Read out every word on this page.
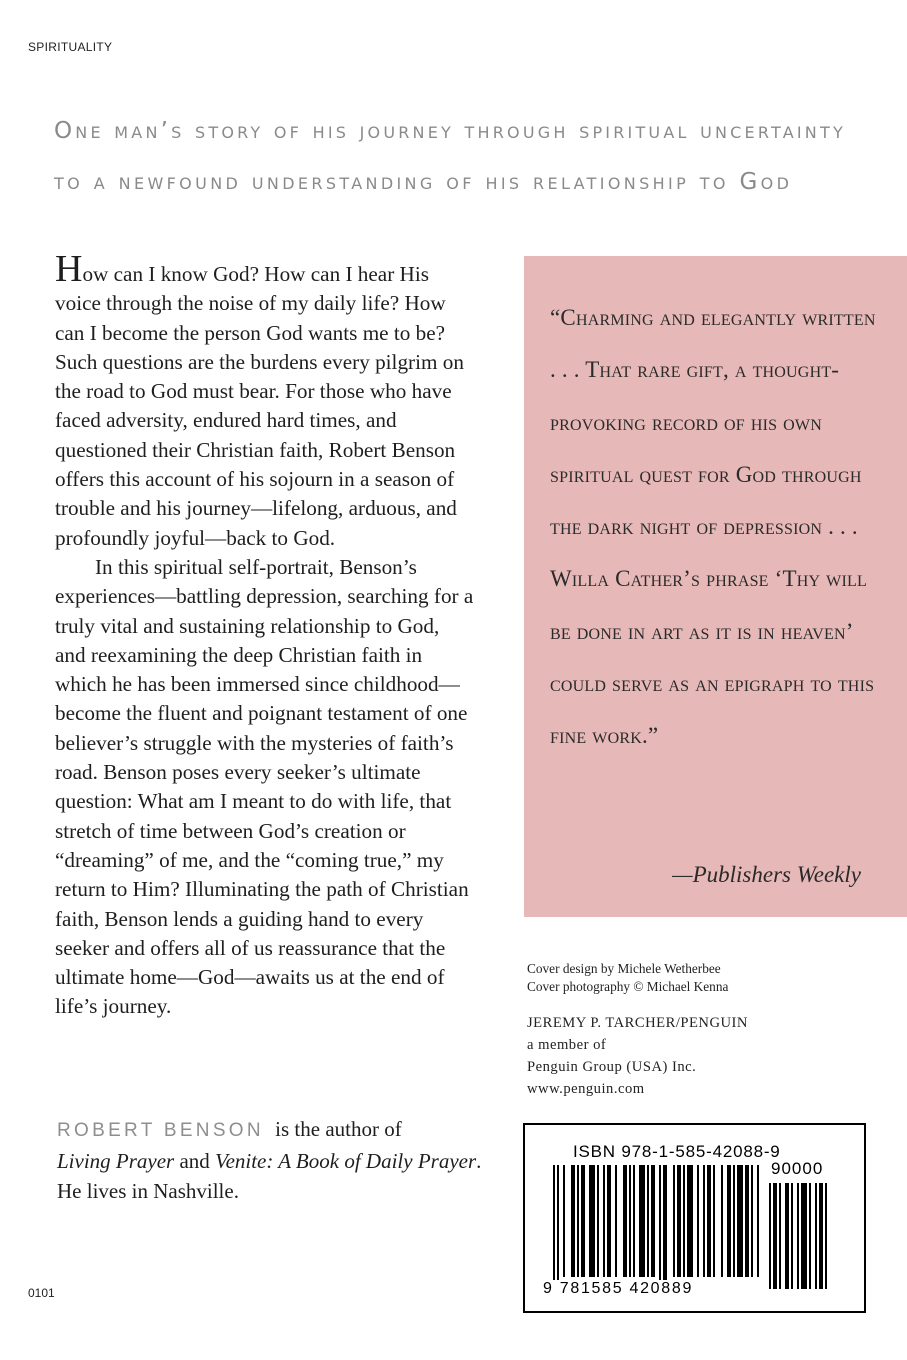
SPIRITUALITY
One man’s story of his journey through spiritual uncertainty
to a newfound understanding of his relationship to God

How can I know God? How can I hear His voice through the noise of my daily life? How can I become the person God wants me to be? Such questions are the burdens every pilgrim on the road to God must bear. For those who have faced adversity, endured hard times, and questioned their Christian faith, Robert Benson offers this account of his sojourn in a season of trouble and his journey—lifelong, arduous, and profoundly joyful—back to God.

In this spiritual self-portrait, Benson’s experiences—battling depression, searching for a truly vital and sustaining relationship to God, and reexamining the deep Christian faith in which he has been immersed since childhood—become the fluent and poignant testament of one believer’s struggle with the mysteries of faith’s road. Benson poses every seeker’s ultimate question: What am I meant to do with life, that stretch of time between God’s creation or “dreaming” of me, and the “coming true,” my return to Him? Illuminating the path of Christian faith, Benson lends a guiding hand to every seeker and offers all of us reassurance that the ultimate home—God—awaits us at the end of life’s journey.

ROBERT BENSON is the author of
Living Prayer and Venite: A Book of Daily Prayer.
He lives in Nashville.
0101
“Charming and elegantly written . . . That rare gift, a thought-provoking record of his own spiritual quest for God through the dark night of depression . . . Willa Cather’s phrase ‘Thy will be done in art as it is in heaven’ could serve as an epigraph to this fine work.”
—Publishers Weekly
Cover design by Michele Wetherbee
Cover photography © Michael Kenna
JEREMY P. TARCHER/PENGUIN
a member of
Penguin Group (USA) Inc.
www.penguin.com
ISBN 978-1-585-42088-9
90000
9 781585 420889
